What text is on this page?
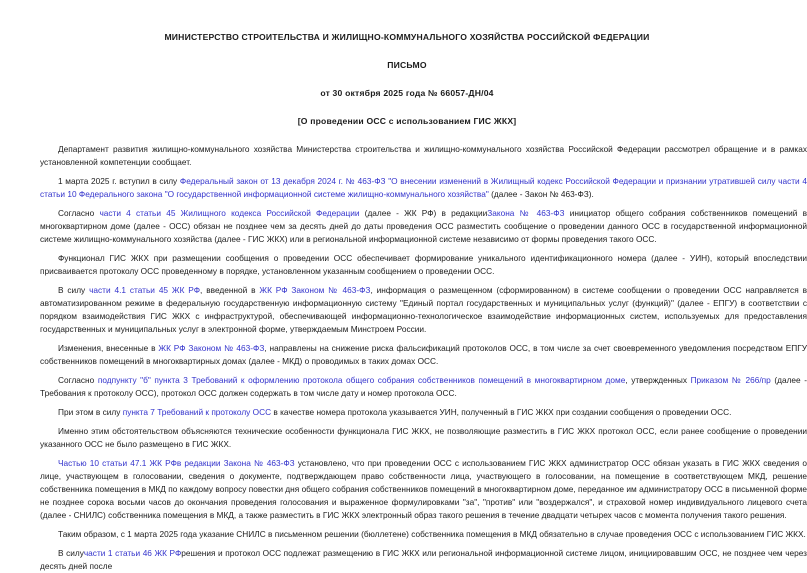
МИНИСТЕРСТВО СТРОИТЕЛЬСТВА И ЖИЛИЩНО-КОММУНАЛЬНОГО ХОЗЯЙСТВА РОССИЙСКОЙ ФЕДЕРАЦИИ
ПИСЬМО
от 30 октября 2025 года № 66057-ДН/04
[О проведении ОСС с использованием ГИС ЖКХ]

Департамент развития жилищно-коммунального хозяйства Министерства строительства и жилищно-коммунального хозяйства Российской Федерации рассмотрел обращение и в рамках установленной компетенции сообщает.

1 марта 2025 г. вступил в силу Федеральный закон от 13 декабря 2024 г. № 463-ФЗ "О внесении изменений в Жилищный кодекс Российской Федерации и признании утратившей силу части 4 статьи 10 Федерального закона "О государственной информационной системе жилищно-коммунального хозяйства" (далее - Закон № 463-ФЗ).

Согласно части 4 статьи 45 Жилищного кодекса Российской Федерации (далее - ЖК РФ) в редакцииЗакона № 463-ФЗ инициатор общего собрания собственников помещений в многоквартирном доме (далее - ОСС) обязан не позднее чем за десять дней до даты проведения ОСС разместить сообщение о проведении данного ОСС в государственной информационной системе жилищно-коммунального хозяйства (далее - ГИС ЖКХ) или в региональной информационной системе независимо от формы проведения такого ОСС.

Функционал ГИС ЖКХ при размещении сообщения о проведении ОСС обеспечивает формирование уникального идентификационного номера (далее - УИН), который впоследствии присваивается протоколу ОСС проведенному в порядке, установленном указанным сообщением о проведении ОСС.

В силу части 4.1 статьи 45 ЖК РФ, введенной в ЖК РФ Законом № 463-ФЗ, информация о размещенном (сформированном) в системе сообщении о проведении ОСС направляется в автоматизированном режиме в федеральную государственную информационную систему "Единый портал государственных и муниципальных услуг (функций)" (далее - ЕПГУ) в соответствии с порядком взаимодействия ГИС ЖКХ с инфраструктурой, обеспечивающей информационно-технологическое взаимодействие информационных систем, используемых для предоставления государственных и муниципальных услуг в электронной форме, утверждаемым Минстроем России.

Изменения, внесенные в ЖК РФ Законом № 463-ФЗ, направлены на снижение риска фальсификаций протоколов ОСС, в том числе за счет своевременного уведомления посредством ЕПГУ собственников помещений в многоквартирных домах (далее - МКД) о проводимых в таких домах ОСС.

Согласно подпункту "б" пункта 3 Требований к оформлению протокола общего собрания собственников помещений в многоквартирном доме, утвержденных Приказом № 266/пр (далее - Требования к протоколу ОСС), протокол ОСС должен содержать в том числе дату и номер протокола ОСС.

При этом в силу пункта 7 Требований к протоколу ОСС в качестве номера протокола указывается УИН, полученный в ГИС ЖКХ при создании сообщения о проведении ОСС.

Именно этим обстоятельством объясняются технические особенности функционала ГИС ЖКХ, не позволяющие разместить в ГИС ЖКХ протокол ОСС, если ранее сообщение о проведении указанного ОСС не было размещено в ГИС ЖКХ.

Частью 10 статьи 47.1 ЖК РФв редакции Закона № 463-ФЗ установлено, что при проведении ОСС с использованием ГИС ЖКХ администратор ОСС обязан указать в ГИС ЖКХ сведения о лице, участвующем в голосовании, сведения о документе, подтверждающем право собственности лица, участвующего в голосовании, на помещение в соответствующем МКД, решение собственника помещения в МКД по каждому вопросу повестки дня общего собрания собственников помещений в многоквартирном доме, переданное им администратору ОСС в письменной форме не позднее сорока восьми часов до окончания проведения голосования и выраженное формулировками "за", "против" или "воздержался", и страховой номер индивидуального лицевого счета (далее - СНИЛС) собственника помещения в МКД, а также разместить в ГИС ЖКХ электронный образ такого решения в течение двадцати четырех часов с момента получения такого решения.

Таким образом, с 1 марта 2025 года указание СНИЛС в письменном решении (бюллетене) собственника помещения в МКД обязательно в случае проведения ОСС с использованием ГИС ЖКХ.

В силучасти 1 статьи 46 ЖК РФрешения и протокол ОСС подлежат размещению в ГИС ЖКХ или региональной информационной системе лицом, инициировавшим ОСС, не позднее чем через десять дней после
